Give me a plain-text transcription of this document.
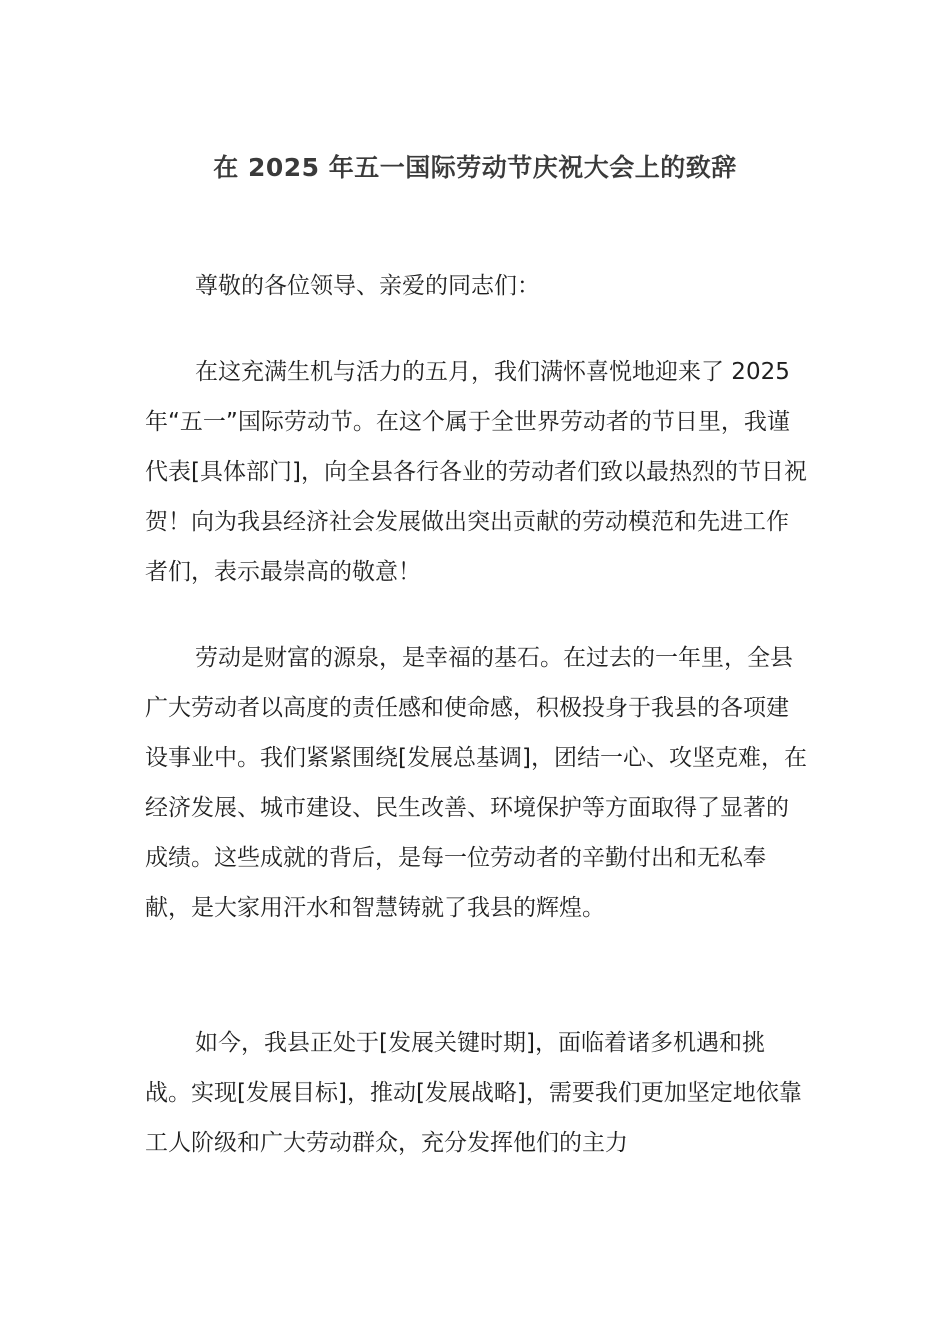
在 2025 年五一国际劳动节庆祝大会上的致辞

尊敬的各位领导、亲爱的同志们：

在这充满生机与活力的五月，我们满怀喜悦地迎来了 2025 年“五一”国际劳动节。在这个属于全世界劳动者的节日里，我谨代表[具体部门]，向全县各行各业的劳动者们致以最热烈的节日祝贺！向为我县经济社会发展做出突出贡献的劳动模范和先进工作者们，表示最崇高的敬意！

劳动是财富的源泉，是幸福的基石。在过去的一年里，全县广大劳动者以高度的责任感和使命感，积极投身于我县的各项建设事业中。我们紧紧围绕[发展总基调]，团结一心、攻坚克难，在经济发展、城市建设、民生改善、环境保护等方面取得了显著的成绩。这些成就的背后，是每一位劳动者的辛勤付出和无私奉献，是大家用汗水和智慧铸就了我县的辉煌。

如今，我县正处于[发展关键时期]，面临着诸多机遇和挑战。实现[发展目标]，推动[发展战略]，需要我们更加坚定地依靠工人阶级和广大劳动群众，充分发挥他们的主力
